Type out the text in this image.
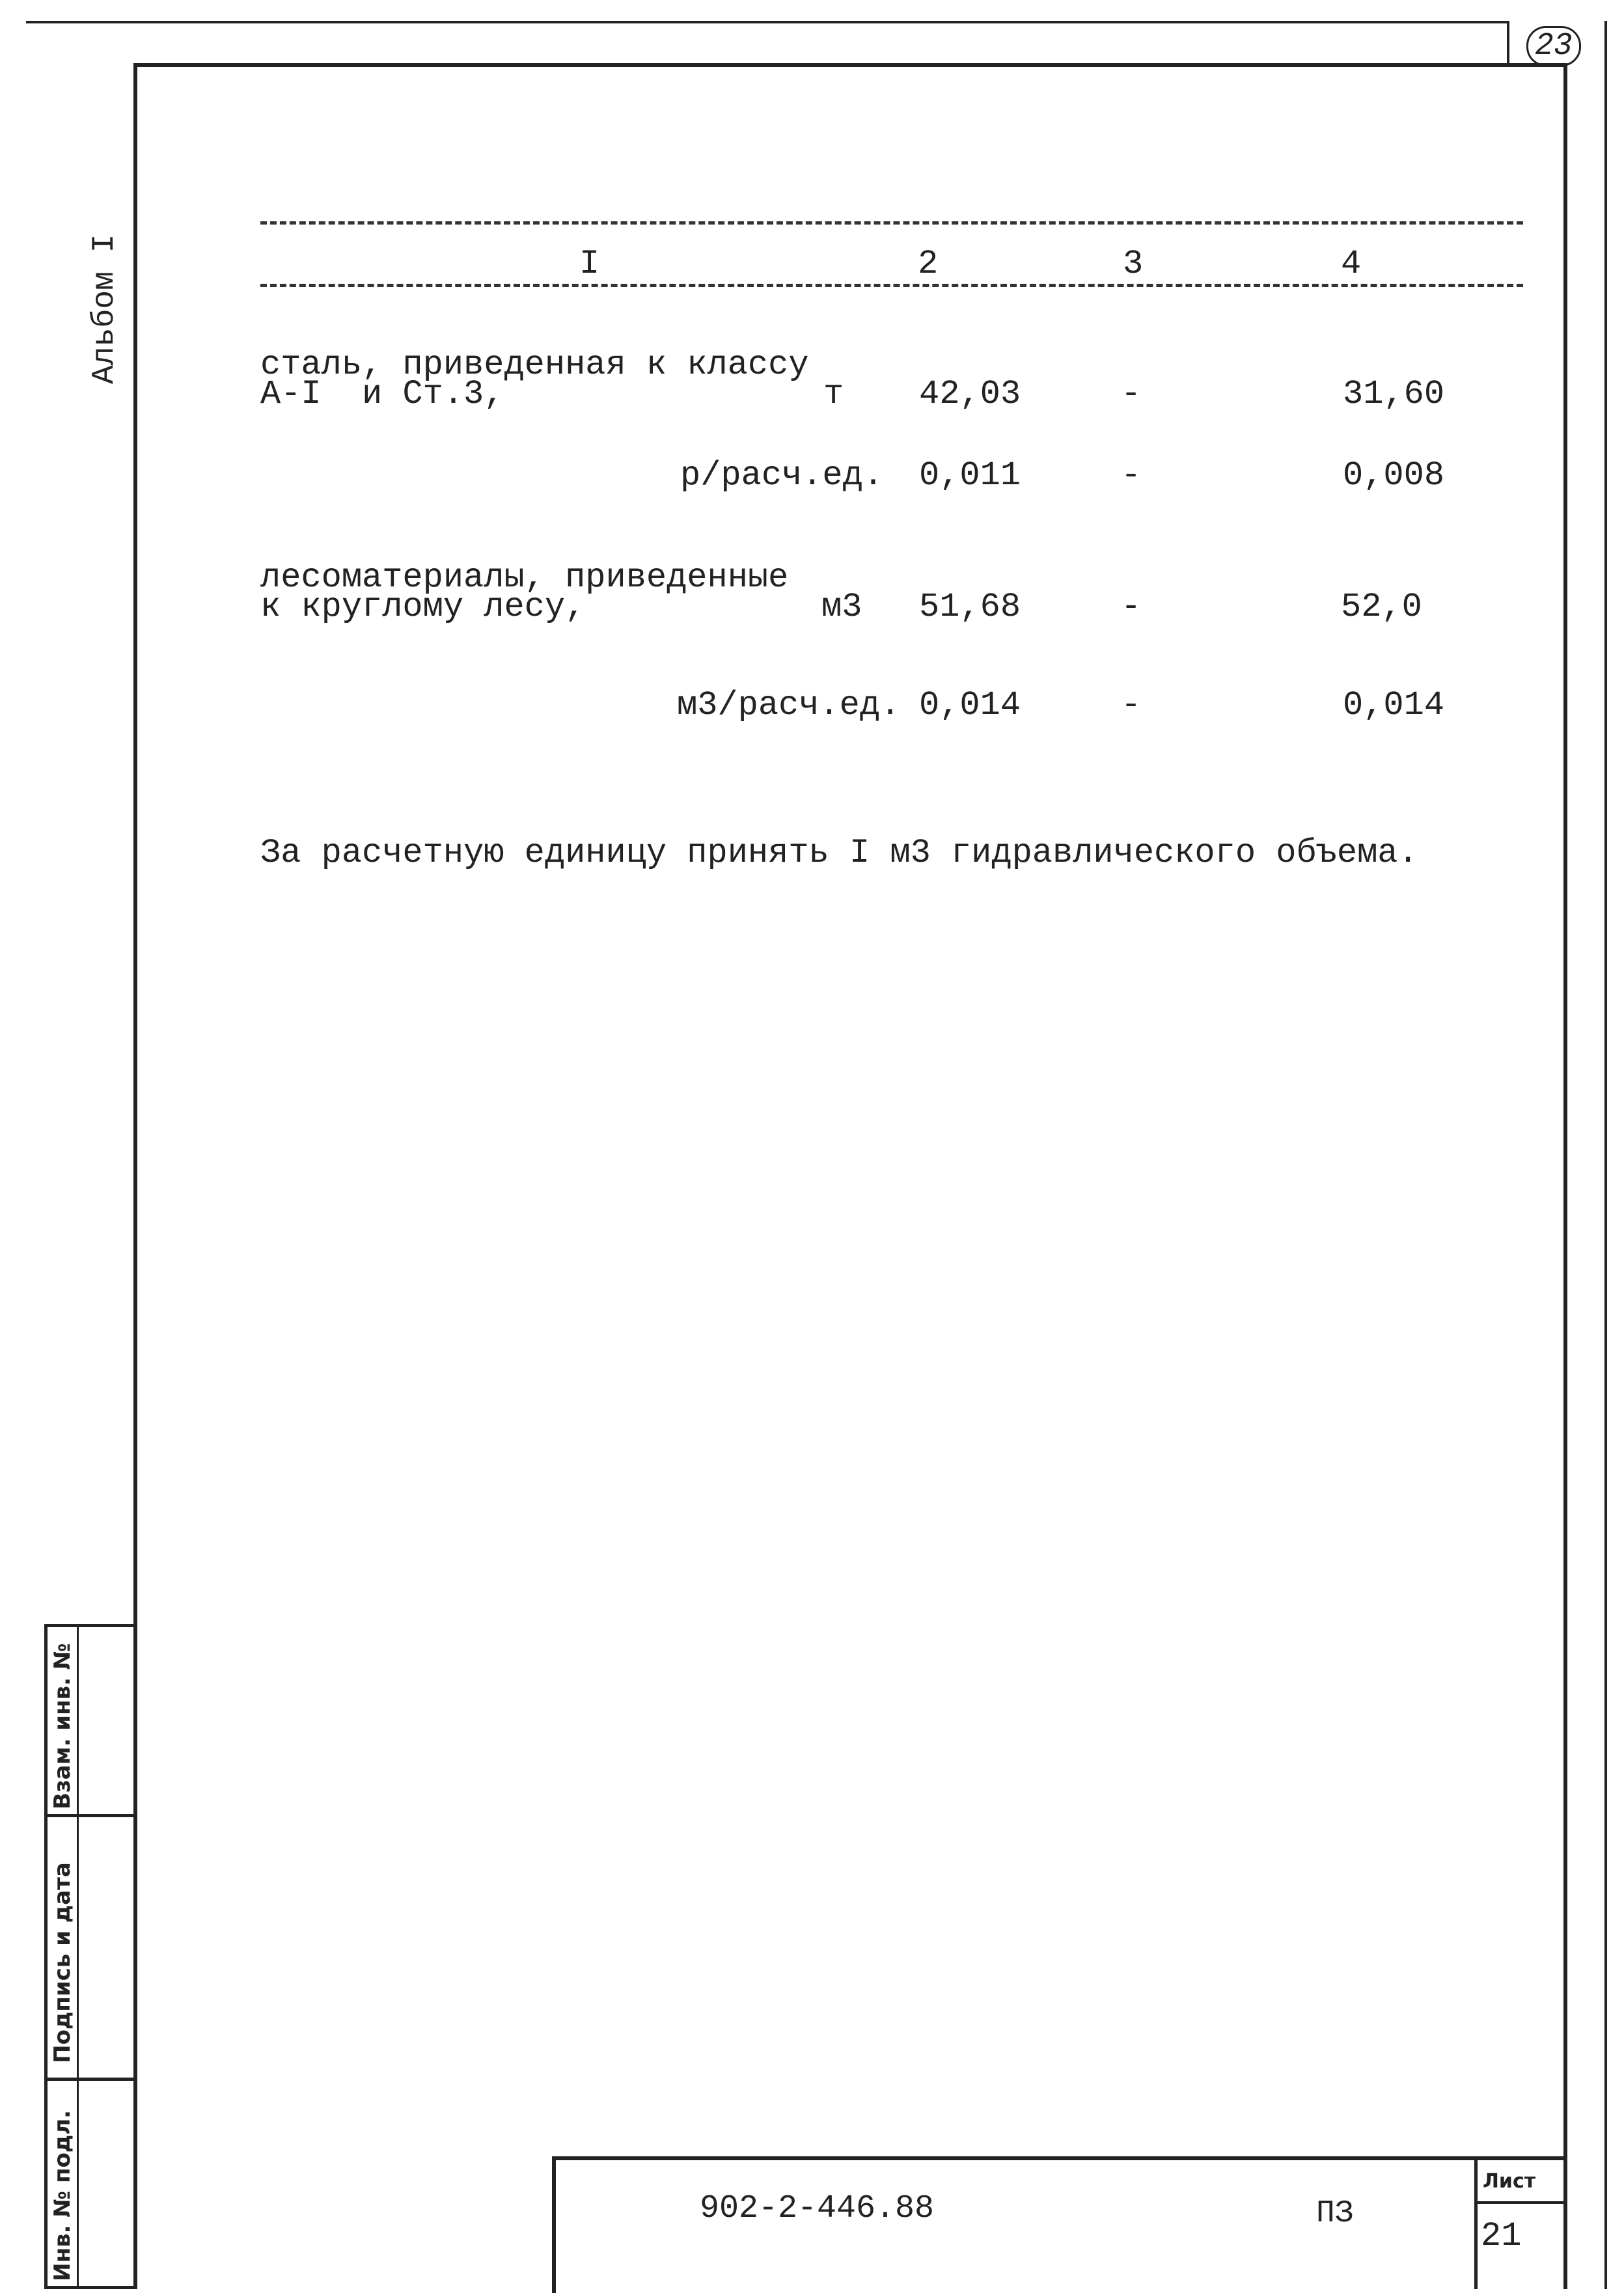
23
Альбом I	I	2	3	4
сталь, приведенная к классу
А-I  и Ст.3,	т 42,03	-	31,60
р/расч.ед. 0,011	-	0,008
лесоматериалы, приведенные
к круглому лесу,	м3 51,68	-	52,0
м3/расч.ед. 0,014	-	0,014
За расчетную единицу принять I м3 гидравлического объема.
Взам. инв. №
Подпись и дата
Инв. № подл.	902-2-446.88	ПЗ
Лист
21
